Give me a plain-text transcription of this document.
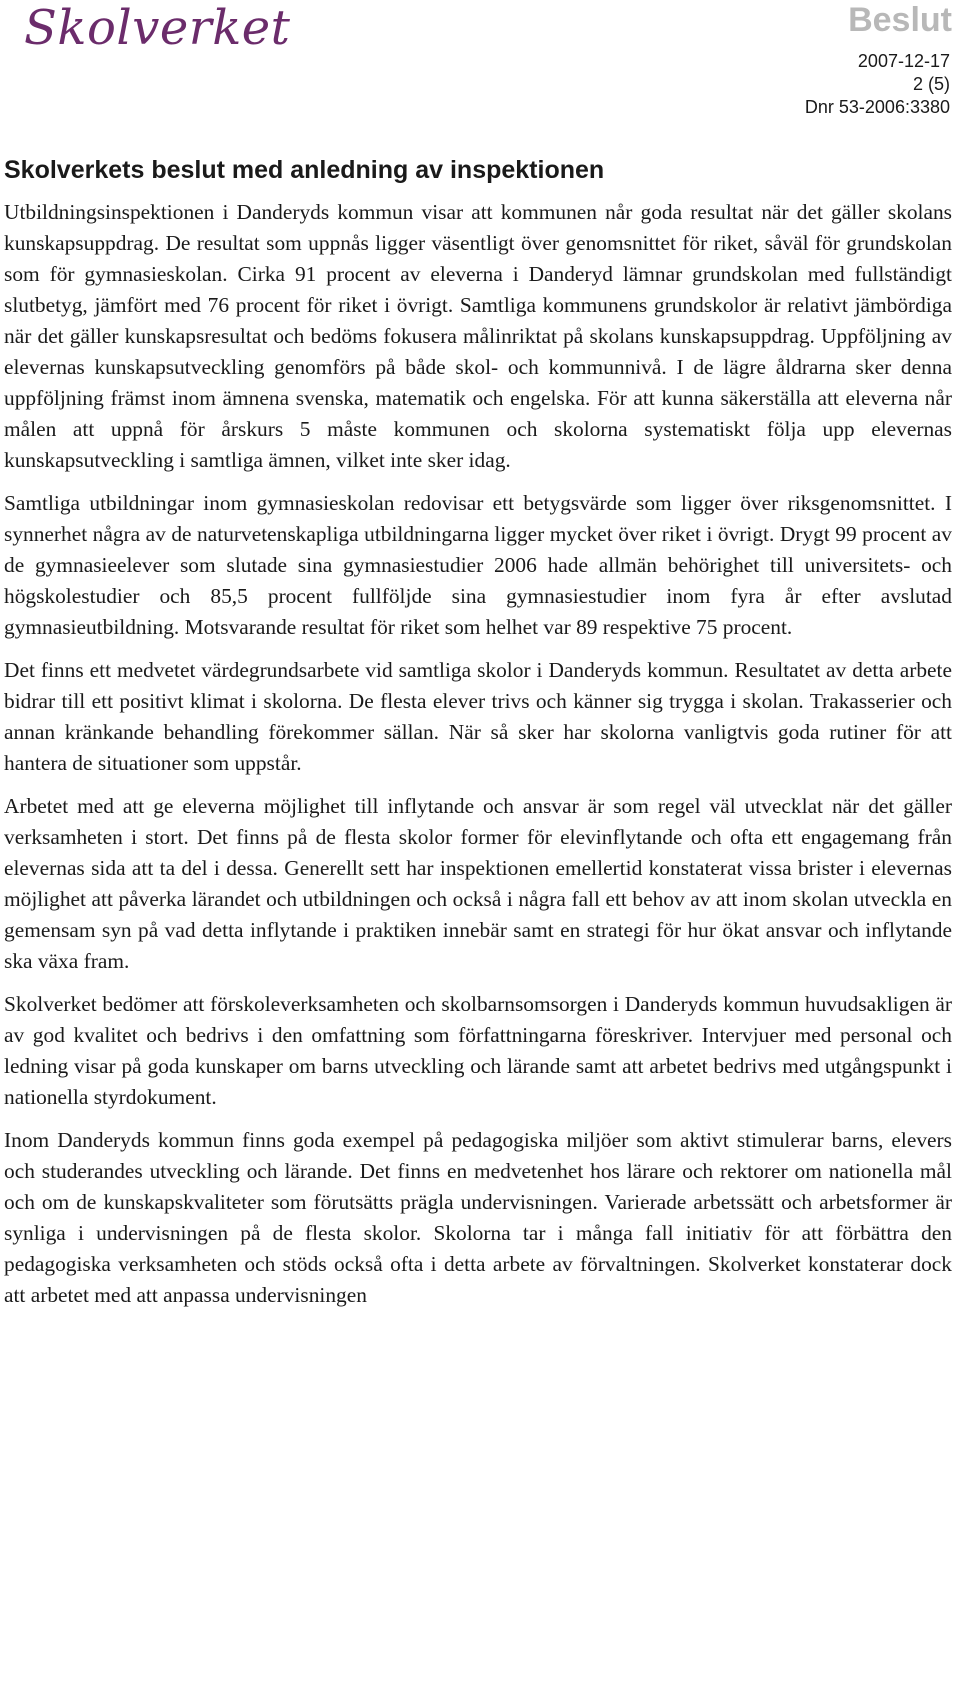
Skolverket	Beslut
2007-12-17
2 (5)
Dnr 53-2006:3380
Skolverkets beslut med anledning av inspektionen

Utbildningsinspektionen i Danderyds kommun visar att kommunen når goda resultat när det gäller skolans kunskapsuppdrag. De resultat som uppnås ligger väsentligt över genomsnittet för riket, såväl för grundskolan som för gymnasieskolan. Cirka 91 procent av eleverna i Danderyd lämnar grundskolan med fullständigt slutbetyg, jämfört med 76 procent för riket i övrigt. Samtliga kommunens grundskolor är relativt jämbördiga när det gäller kunskapsresultat och bedöms fokusera målinriktat på skolans kunskapsuppdrag. Uppföljning av elevernas kunskapsutveckling genomförs på både skol- och kommunnivå. I de lägre åldrarna sker denna uppföljning främst inom ämnena svenska, matematik och engelska. För att kunna säkerställa att eleverna når målen att uppnå för årskurs 5 måste kommunen och skolorna systematiskt följa upp elevernas kunskapsutveckling i samtliga ämnen, vilket inte sker idag.

Samtliga utbildningar inom gymnasieskolan redovisar ett betygsvärde som ligger över riksgenomsnittet. I synnerhet några av de naturvetenskapliga utbildningarna ligger mycket över riket i övrigt. Drygt 99 procent av de gymnasieelever som slutade sina gymnasiestudier 2006 hade allmän behörighet till universitets- och högskolestudier och 85,5 procent fullföljde sina gymnasiestudier inom fyra år efter avslutad gymnasieutbildning. Motsvarande resultat för riket som helhet var 89 respektive 75 procent.

Det finns ett medvetet värdegrundsarbete vid samtliga skolor i Danderyds kommun. Resultatet av detta arbete bidrar till ett positivt klimat i skolorna. De flesta elever trivs och känner sig trygga i skolan. Trakasserier och annan kränkande behandling förekommer sällan. När så sker har skolorna vanligtvis goda rutiner för att hantera de situationer som uppstår.

Arbetet med att ge eleverna möjlighet till inflytande och ansvar är som regel väl utvecklat när det gäller verksamheten i stort. Det finns på de flesta skolor former för elevinflytande och ofta ett engagemang från elevernas sida att ta del i dessa. Generellt sett har inspektionen emellertid konstaterat vissa brister i elevernas möjlighet att påverka lärandet och utbildningen och också i några fall ett behov av att inom skolan utveckla en gemensam syn på vad detta inflytande i praktiken innebär samt en strategi för hur ökat ansvar och inflytande ska växa fram.

Skolverket bedömer att förskoleverksamheten och skolbarnsomsorgen i Danderyds kommun huvudsakligen är av god kvalitet och bedrivs i den omfattning som författningarna föreskriver. Intervjuer med personal och ledning visar på goda kunskaper om barns utveckling och lärande samt att arbetet bedrivs med utgångspunkt i nationella styrdokument.

Inom Danderyds kommun finns goda exempel på pedagogiska miljöer som aktivt stimulerar barns, elevers och studerandes utveckling och lärande. Det finns en medvetenhet hos lärare och rektorer om nationella mål och om de kunskapskvaliteter som förutsätts prägla undervisningen. Varierade arbetssätt och arbetsformer är synliga i undervisningen på de flesta skolor. Skolorna tar i många fall initiativ för att förbättra den pedagogiska verksamheten och stöds också ofta i detta arbete av förvaltningen. Skolverket konstaterar dock att arbetet med att anpassa undervisningen
